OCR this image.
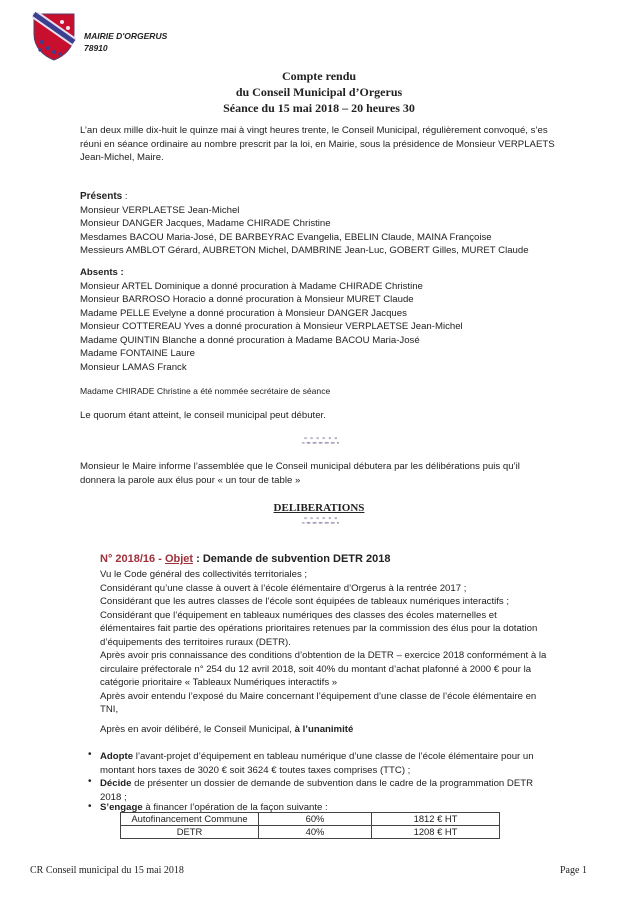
MAIRIE D'ORGERUS
78910
Compte rendu
du Conseil Municipal d’Orgerus
Séance du 15 mai 2018 – 20 heures 30
L’an deux mille dix-huit le quinze mai à vingt heures trente, le Conseil Municipal, régulièrement convoqué, s’es
réuni en séance ordinaire au nombre prescrit par la loi, en Mairie, sous la présidence de Monsieur VERPLAETS
Jean-Michel, Maire.
Présents :
Monsieur VERPLAETSE Jean-Michel
Monsieur DANGER Jacques, Madame CHIRADE Christine
Mesdames BACOU Maria-José, DE BARBEYRAC Evangelia, EBELIN Claude, MAINA Françoise
Messieurs AMBLOT Gérard, AUBRETON Michel, DAMBRINE Jean-Luc, GOBERT Gilles, MURET Claude
Absents :
Monsieur ARTEL Dominique a donné procuration à Madame CHIRADE Christine
Monsieur BARROSO Horacio a donné procuration à Monsieur MURET Claude
Madame PELLE Evelyne a donné procuration à Monsieur DANGER Jacques
Monsieur COTTEREAU Yves a donné procuration à Monsieur VERPLAETSE Jean-Michel
Madame QUINTIN Blanche a donné procuration à Madame BACOU Maria-José
Madame FONTAINE Laure
Monsieur LAMAS Franck
Madame CHIRADE Christine a été nommée secrétaire de séance
Le quorum étant atteint, le conseil municipal peut débuter.
ஃஃஃஃஃஃ
Monsieur le Maire informe l’assemblée que le Conseil municipal débutera par les délibérations puis qu’il
donnera la parole aux élus pour « un tour de table »
DELIBERATIONS
ஃஃஃஃஃஃ
N° 2018/16 - Objet : Demande de subvention DETR 2018
Vu le Code général des collectivités territoriales ;
Considérant qu’une classe à ouvert à l’école élémentaire d’Orgerus à la rentrée 2017 ;
Considérant que les autres classes de l’école sont équipées de tableaux numériques interactifs ;
Considérant que l’équipement en tableaux numériques des classes des écoles maternelles et
élémentaires fait partie des opérations prioritaires retenues par la commission des élus pour la dotation
d’équipements des territoires ruraux (DETR).
Après avoir pris connaissance des conditions d’obtention de la DETR – exercice 2018 conformément à la
circulaire préfectorale n° 254 du 12 avril 2018, soit 40% du montant d’achat plafonné à 2000 € pour la
catégorie prioritaire « Tableaux Numériques interactifs »
Après avoir entendu l’exposé du Maire concernant l’équipement d’une classe de l’école élémentaire en
TNI,
Après en avoir délibéré, le Conseil Municipal, à l’unanimité
• Adopte l’avant-projet d’équipement en tableau numérique d’une classe de l’école élémentaire pour un
montant hors taxes de 3020 € soit 3624 € toutes taxes comprises (TTC) ;
• Décide de présenter un dossier de demande de subvention dans le cadre de la programmation DETR
2018 ;
• S’engage à financer l’opération de la façon suivante :
Autofinancement Commune	60%	1812 € HT
DETR	40%	1208 € HT
CR Conseil municipal du 15 mai 2018	Page 1
